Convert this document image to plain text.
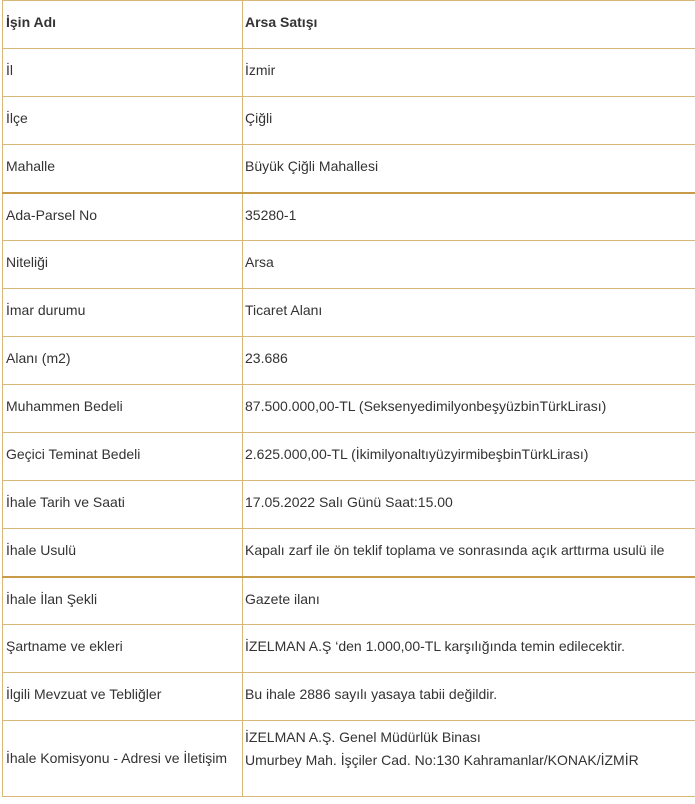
İşin Adı	Arsa Satışı
İl	İzmir
İlçe	Çiğli
Mahalle	Büyük Çiğli Mahallesi
Ada-Parsel No	35280-1
Niteliği	Arsa
İmar durumu	Ticaret Alanı
Alanı (m2)	23.686
Muhammen Bedeli	87.500.000,00-TL (SeksenyedimilyonbeşyüzbinTürkLirası)
Geçici Teminat Bedeli	2.625.000,00-TL (İkimilyonaltıyüzyirmibeşbinTürkLirası)
İhale Tarih ve Saati	17.05.2022 Salı Günü Saat:15.00
İhale Usulü	Kapalı zarf ile ön teklif toplama ve sonrasında açık arttırma usulü ile
İhale İlan Şekli	Gazete ilanı
Şartname ve ekleri	İZELMAN A.Ş ‘den 1.000,00-TL karşılığında temin edilecektir.
İlgili Mevzuat ve Tebliğler	Bu ihale 2886 sayılı yasaya tabii değildir.
İhale Komisyonu - Adresi ve İletişim	İZELMAN A.Ş. Genel Müdürlük Binası
Umurbey Mah. İşçiler Cad. No:130 Kahramanlar/KONAK/İZMİR
